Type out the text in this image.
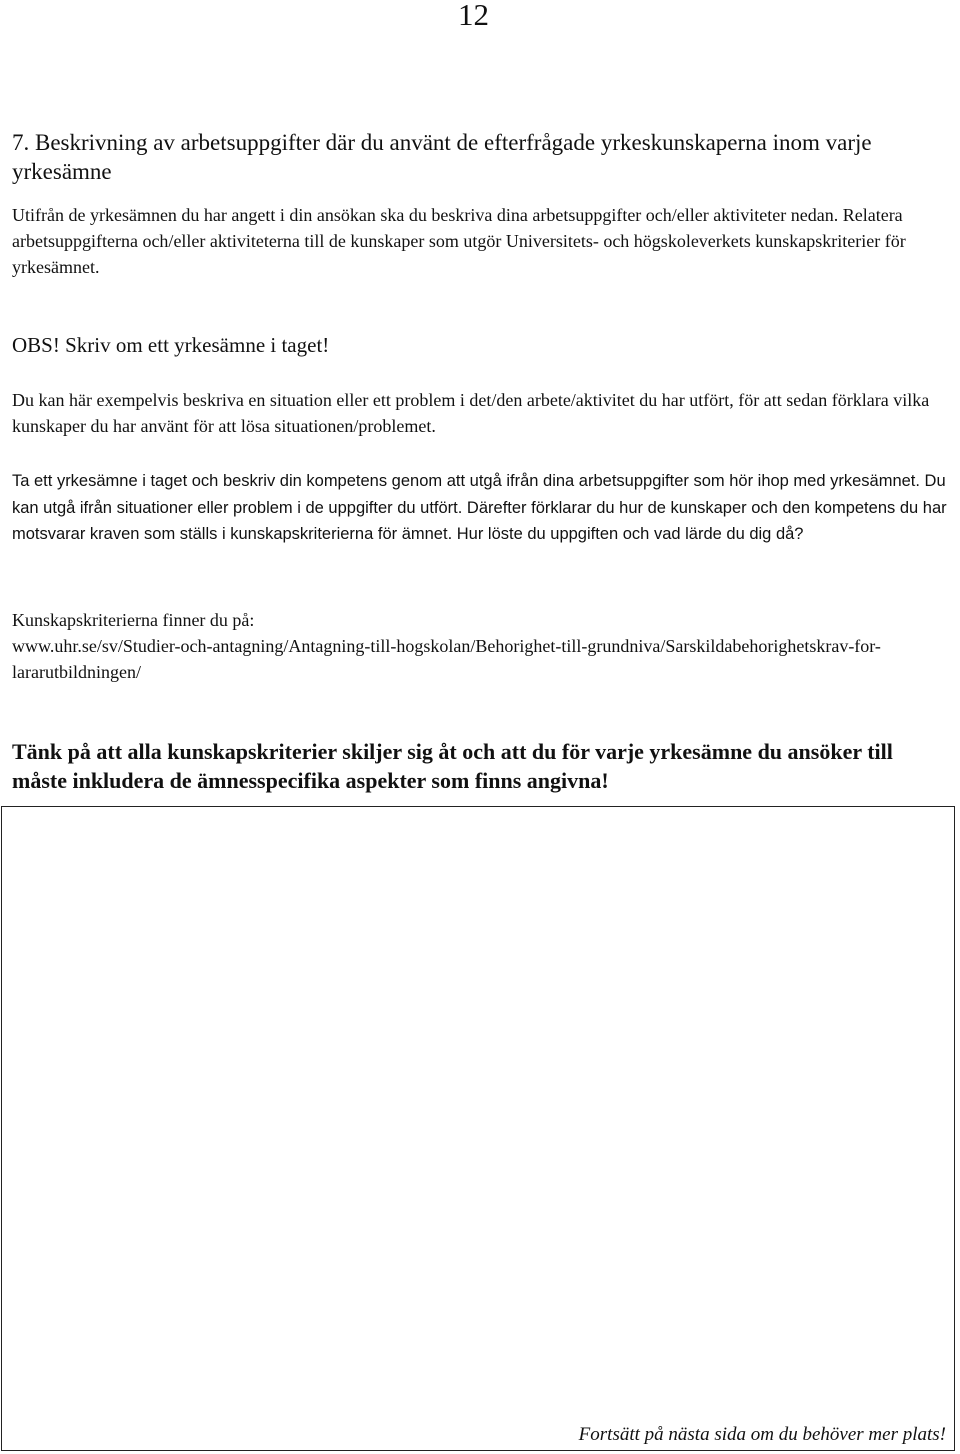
12
7. Beskrivning av arbetsuppgifter där du använt de efterfrågade yrkeskunskaperna inom varje yrkesämne
Utifrån de yrkesämnen du har angett i din ansökan ska du beskriva dina arbetsuppgifter och/eller aktiviteter nedan. Relatera arbetsuppgifterna och/eller aktiviteterna till de kunskaper som utgör Universitets- och högskoleverkets kunskapskriterier för yrkesämnet.
OBS! Skriv om ett yrkesämne i taget!
Du kan här exempelvis beskriva en situation eller ett problem i det/den arbete/aktivitet du har utfört, för att sedan förklara vilka kunskaper du har använt för att lösa situationen/problemet.
Ta ett yrkesämne i taget och beskriv din kompetens genom att utgå ifrån dina arbetsuppgifter som hör ihop med yrkesämnet. Du kan utgå ifrån situationer eller problem i de uppgifter du utfört. Därefter förklarar du hur de kunskaper och den kompetens du har motsvarar kraven som ställs i kunskapskriterierna för ämnet. Hur löste du uppgiften och vad lärde du dig då?
Kunskapskriterierna finner du på:
www.uhr.se/sv/Studier-och-antagning/Antagning-till-hogskolan/Behorighet-till-grundniva/Sarskildabehorighetskrav-for-lararutbildningen/
Tänk på att alla kunskapskriterier skiljer sig åt och att du för varje yrkesämne du ansöker till måste inkludera de ämnesspecifika aspekter som finns angivna!
Fortsätt på nästa sida om du behöver mer plats!
